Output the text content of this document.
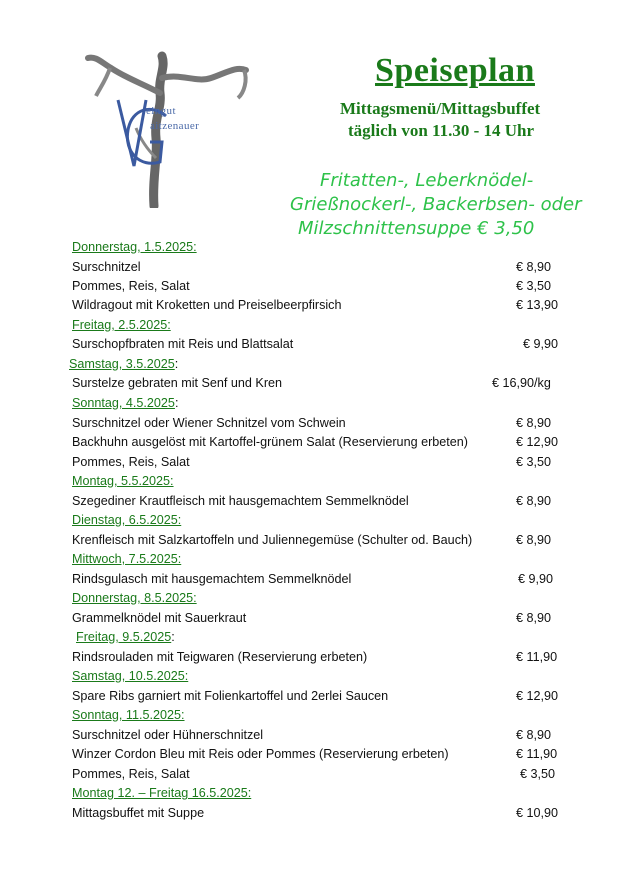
eingut
aitzenauer
Speiseplan
Mittagsmenü/Mittagsbuffet
täglich von 11.30 - 14 Uhr
Fritatten-, Leberknödel-
Grießnockerl-, Backerbsen- oder
Milzschnittensuppe € 3,50
Donnerstag, 1.5.2025:
Surschnitzel	€ 8,90
Pommes, Reis, Salat	€ 3,50
Wildragout mit Kroketten und Preiselbeerpfirsich	€ 13,90
Freitag, 2.5.2025:
Surschopfbraten mit Reis und Blattsalat	€ 9,90
Samstag, 3.5.2025:
Surstelze gebraten mit Senf und Kren	€ 16,90/kg
Sonntag, 4.5.2025:
Surschnitzel oder Wiener Schnitzel vom Schwein	€ 8,90
Backhuhn ausgelöst mit Kartoffel-grünem Salat (Reservierung erbeten)	€ 12,90
Pommes, Reis, Salat	€ 3,50
Montag, 5.5.2025:
Szegediner Krautfleisch mit hausgemachtem Semmelknödel	€ 8,90
Dienstag, 6.5.2025:
Krenfleisch mit Salzkartoffeln und Juliennegemüse (Schulter od. Bauch)	€ 8,90
Mittwoch, 7.5.2025:
Rindsgulasch mit hausgemachtem Semmelknödel	€ 9,90
Donnerstag, 8.5.2025:
Grammelknödel mit Sauerkraut	€ 8,90
Freitag, 9.5.2025:
Rindsrouladen mit Teigwaren (Reservierung erbeten)	€ 11,90
Samstag, 10.5.2025:
Spare Ribs garniert mit Folienkartoffel und 2erlei Saucen	€ 12,90
Sonntag, 11.5.2025:
Surschnitzel oder Hühnerschnitzel	€ 8,90
Winzer Cordon Bleu mit Reis oder Pommes (Reservierung erbeten)	€ 11,90
Pommes, Reis, Salat	€ 3,50
Montag 12. – Freitag 16.5.2025:
Mittagsbuffet mit Suppe	€ 10,90
